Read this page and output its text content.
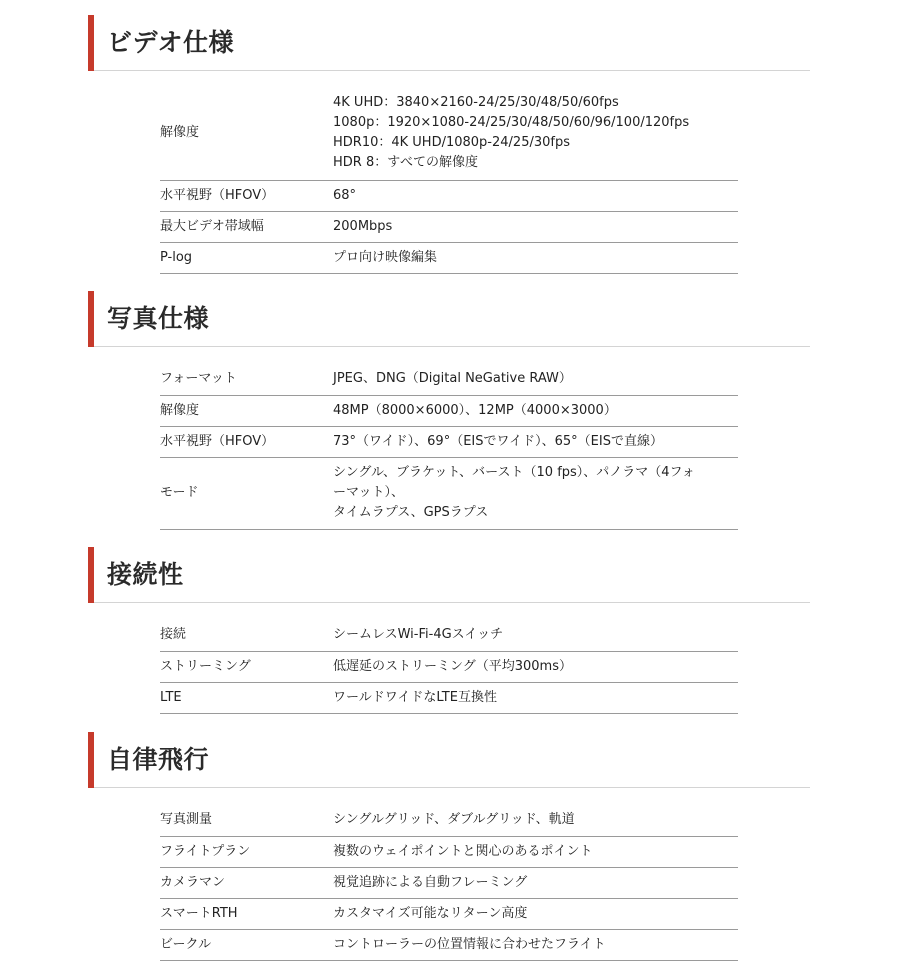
ビデオ仕様
解像度	4K UHD：3840×2160-24/25/30/48/50/60fps
1080p：1920×1080-24/25/30/48/50/60/96/100/120fps
HDR10：4K UHD/1080p-24/25/30fps
HDR 8：すべての解像度

水平視野（HFOV）	68°

最大ビデオ帯域幅	200Mbps

P-log	プロ向け映像編集
写真仕様
フォーマット	JPEG、DNG（Digital NeGative RAW）

解像度	48MP（8000×6000）、12MP（4000×3000）

水平視野（HFOV）	73°（ワイド）、69°（EISでワイド）、65°（EISで直線）

モード	シングル、ブラケット、バースト（10 fps）、パノラマ（4フォ
ーマット）、
タイムラプス、GPSラプス
接続性
接続	シームレスWi-Fi-4Gスイッチ

ストリーミング	低遅延のストリーミング（平均300ms）

LTE	ワールドワイドなLTE互換性
自律飛行
写真測量	シングルグリッド、ダブルグリッド、軌道

フライトプラン	複数のウェイポイントと関心のあるポイント

カメラマン	視覚追跡による自動フレーミング

スマートRTH	カスタマイズ可能なリターン高度

ビークル	コントローラーの位置情報に合わせたフライト
